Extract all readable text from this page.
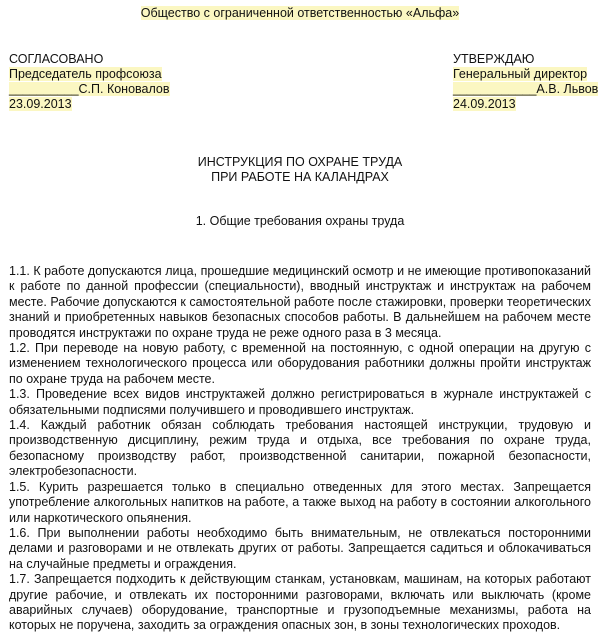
Общество с ограниченной ответственностью «Альфа»
СОГЛАСОВАНО
Председатель профсоюза
__________С.П. Коновалов
23.09.2013
УТВЕРЖДАЮ
Генеральный директор
____________А.В. Львов
24.09.2013
ИНСТРУКЦИЯ ПО ОХРАНЕ ТРУДА
ПРИ РАБОТЕ НА КАЛАНДРАХ
1. Общие требования охраны труда

1.1. К работе допускаются лица, прошедшие медицинский осмотр и не имеющие противопоказаний к работе по данной профессии (специальности), вводный инструктаж и инструктаж на рабочем месте. Рабочие допускаются к самостоятельной работе после стажировки, проверки теоретических знаний и приобретенных навыков безопасных способов работы. В дальнейшем на рабочем месте проводятся инструктажи по охране труда не реже одного раза в 3 месяца.

1.2. При переводе на новую работу, с временной на постоянную, с одной операции на другую с изменением технологического процесса или оборудования работники должны пройти инструктаж по охране труда на рабочем месте.

1.3. Проведение всех видов инструктажей должно регистрироваться в журнале инструктажей с обязательными подписями получившего и проводившего инструктаж.

1.4. Каждый работник обязан соблюдать требования настоящей инструкции, трудовую и производственную дисциплину, режим труда и отдыха, все требования по охране труда, безопасному производству работ, производственной санитарии, пожарной безопасности, электробезопасности.

1.5. Курить разрешается только в специально отведенных для этого местах. Запрещается употребление алкогольных напитков на работе, а также выход на работу в состоянии алкогольного или наркотического опьянения.

1.6. При выполнении работы необходимо быть внимательным, не отвлекаться посторонними делами и разговорами и не отвлекать других от работы. Запрещается садиться и облокачиваться на случайные предметы и ограждения.

1.7. Запрещается подходить к действующим станкам, установкам, машинам, на которых работают другие рабочие, и отвлекать их посторонними разговорами, включать или выключать (кроме аварийных случаев) оборудование, транспортные и грузоподъемные механизмы, работа на которых не поручена, заходить за ограждения опасных зон, в зоны технологических проходов.
